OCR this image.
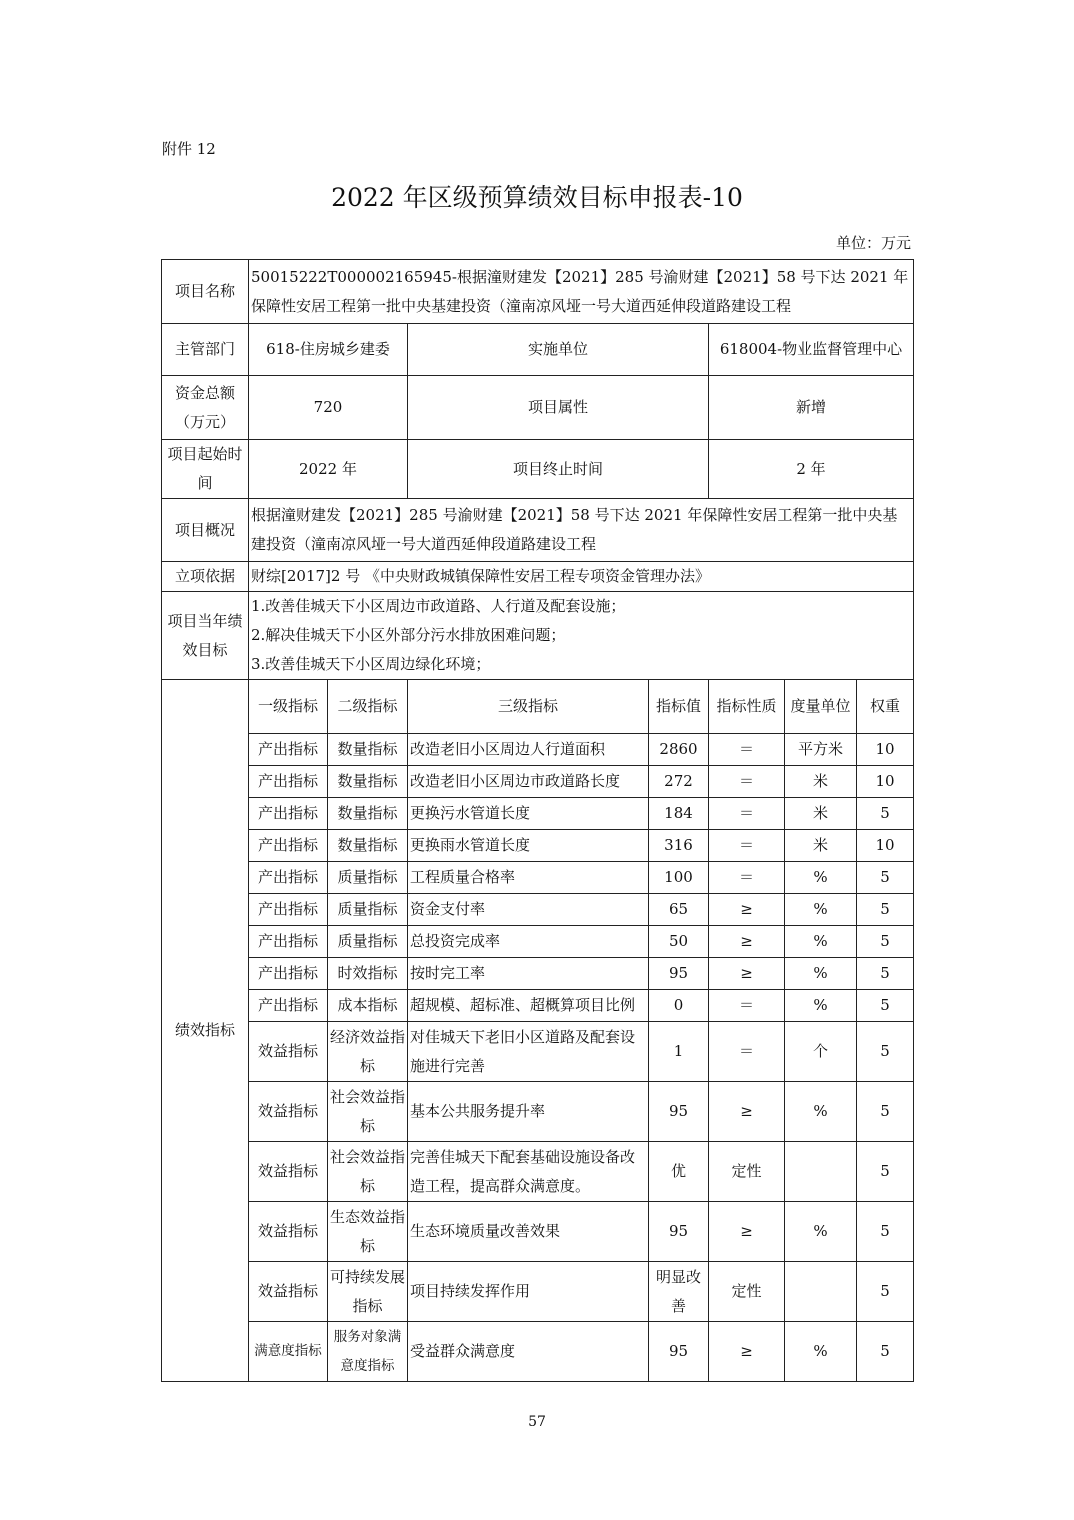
附件 12
2022 年区级预算绩效目标申报表-10
单位：万元
项目名称	50015222T000002165945-根据潼财建发【2021】285 号渝财建【2021】58 号下达 2021 年保障性安居工程第一批中央基建投资（潼南凉风垭一号大道西延伸段道路建设工程						
主管部门	618-住房城乡建委		实施单位		618004-物业监督管理中心		
资金总额（万元）	720		项目属性		新增		
项目起始时间	2022 年		项目终止时间		2 年		
项目概况	根据潼财建发【2021】285 号渝财建【2021】58 号下达 2021 年保障性安居工程第一批中央基建投资（潼南凉风垭一号大道西延伸段道路建设工程						
立项依据	财综[2017]2 号 《中央财政城镇保障性安居工程专项资金管理办法》						
项目当年绩效目标	1.改善佳城天下小区周边市政道路、人行道及配套设施；
2.解决佳城天下小区外部分污水排放困难问题；
3.改善佳城天下小区周边绿化环境；						

绩效指标	一级指标	二级指标	三级指标	指标值	指标性质	度量单位	权重
	产出指标	数量指标	改造老旧小区周边人行道面积	2860	＝	平方米	10
	产出指标	数量指标	改造老旧小区周边市政道路长度	272	＝	米	10
	产出指标	数量指标	更换污水管道长度	184	＝	米	5
	产出指标	数量指标	更换雨水管道长度	316	＝	米	10
	产出指标	质量指标	工程质量合格率	100	＝	%	5
	产出指标	质量指标	资金支付率	65	≥	%	5
	产出指标	质量指标	总投资完成率	50	≥	%	5
	产出指标	时效指标	按时完工率	95	≥	%	5
	产出指标	成本指标	超规模、超标准、超概算项目比例	0	＝	%	5
	效益指标	经济效益指标	对佳城天下老旧小区道路及配套设施进行完善	1	＝	个	5
	效益指标	社会效益指标	基本公共服务提升率	95	≥	%	5
	效益指标	社会效益指标	完善佳城天下配套基础设施设备改造工程，提高群众满意度。	优	定性		5
	效益指标	生态效益指标	生态环境质量改善效果	95	≥	%	5
	效益指标	可持续发展指标	项目持续发挥作用	明显改善	定性		5
	满意度指标	服务对象满意度指标	受益群众满意度	95	≥	%	5
57
